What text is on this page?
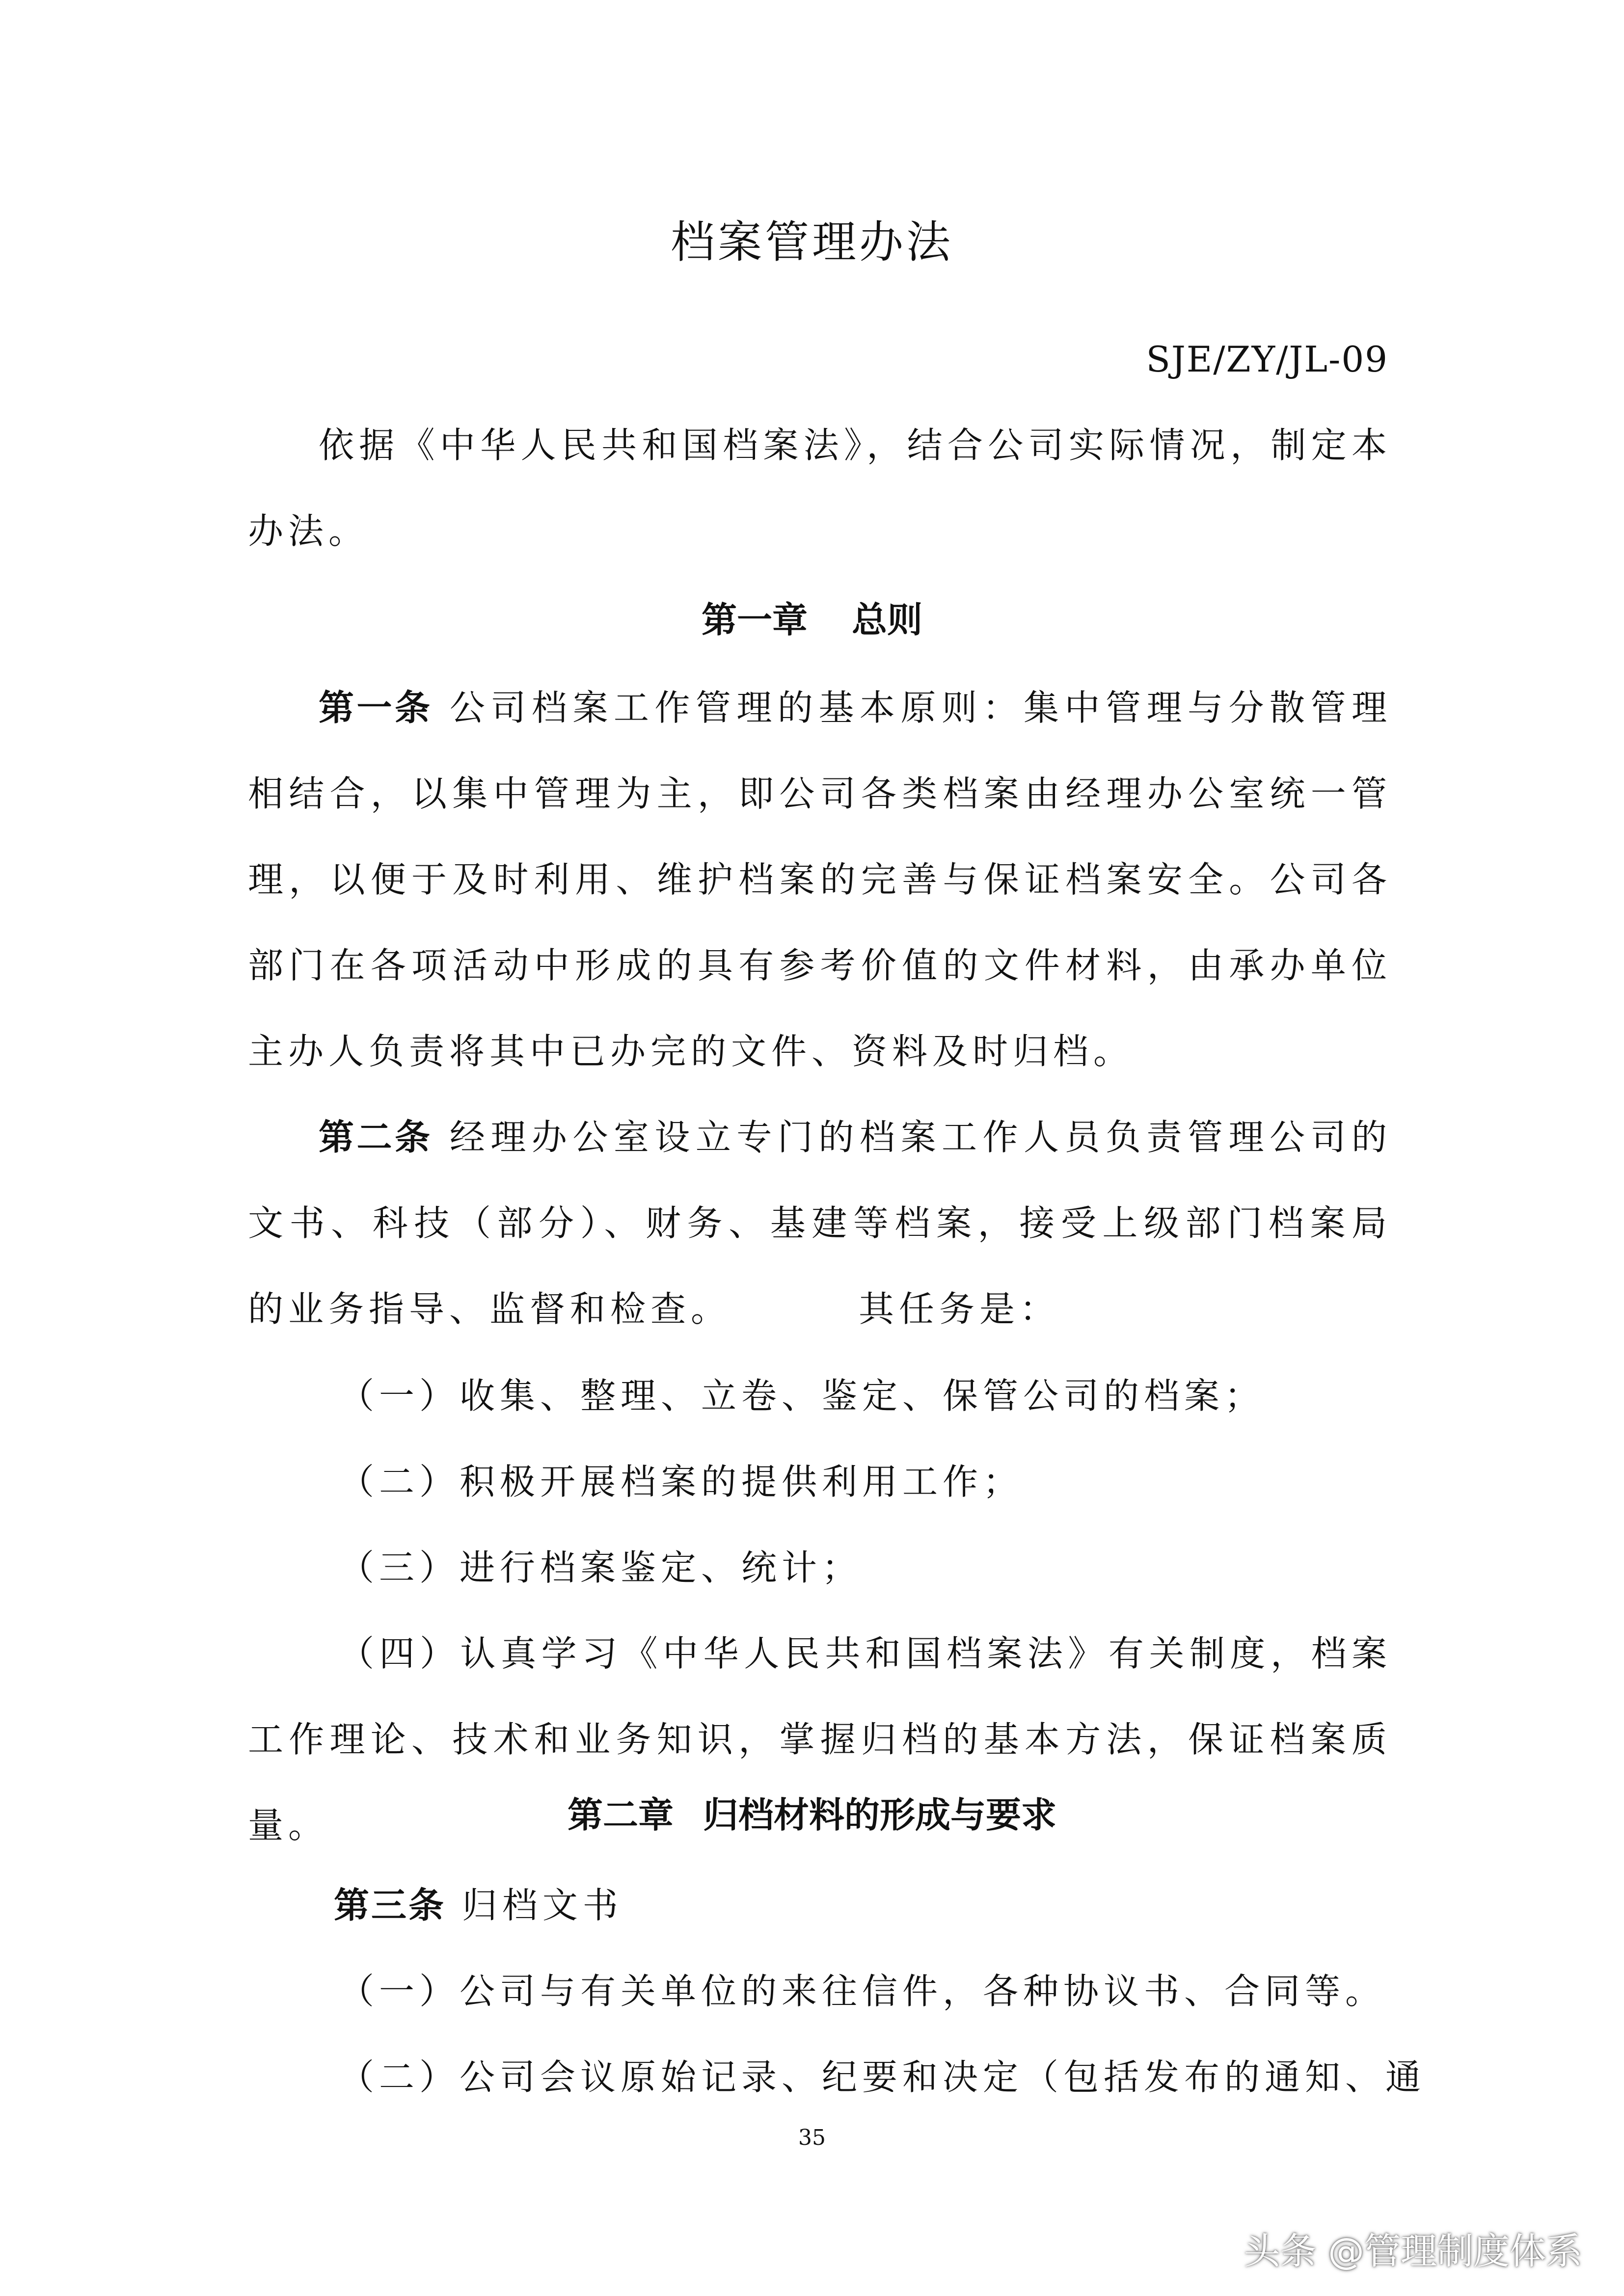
档案管理办法
SJE/ZY/JL-09
依据《中华人民共和国档案法》，结合公司实际情况，制定本办法。
第一章 总则
第一条 公司档案工作管理的基本原则：集中管理与分散管理相结合，以集中管理为主，即公司各类档案由经理办公室统一管理，以便于及时利用、维护档案的完善与保证档案安全。公司各部门在各项活动中形成的具有参考价值的文件材料，由承办单位主办人负责将其中已办完的文件、资料及时归档。
第二条 经理办公室设立专门的档案工作人员负责管理公司的文书、科技（部分）、财务、基建等档案，接受上级部门档案局的业务指导、监督和检查。	其任务是：
（一）收集、整理、立卷、鉴定、保管公司的档案；
（二）积极开展档案的提供利用工作；
（三）进行档案鉴定、统计；
（四）认真学习《中华人民共和国档案法》有关制度，档案工作理论、技术和业务知识，掌握归档的基本方法，保证档案质量。	第二章 归档材料的形成与要求
第三条 归档文书
（一）公司与有关单位的来往信件，各种协议书、合同等。
（二）公司会议原始记录、纪要和决定（包括发布的通知、通
35
头条 @管理制度体系
